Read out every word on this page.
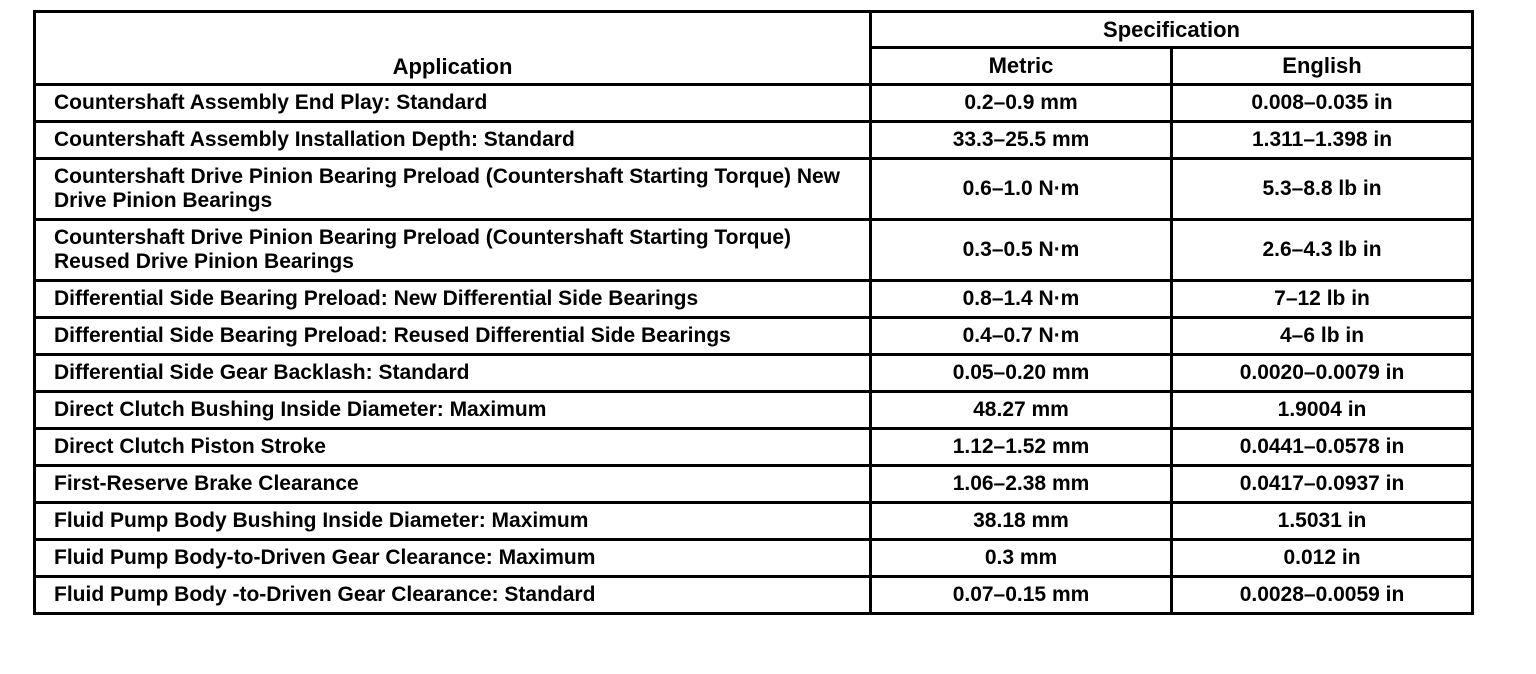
Application	Specification	
	Metric	English
Countershaft Assembly End Play: Standard	0.2–0.9 mm	0.008–0.035 in
Countershaft Assembly Installation Depth: Standard	33.3–25.5 mm	1.311–1.398 in
Countershaft Drive Pinion Bearing Preload (Countershaft Starting Torque) New Drive Pinion Bearings	0.6–1.0 N·m	5.3–8.8 lb in
Countershaft Drive Pinion Bearing Preload (Countershaft Starting Torque) Reused Drive Pinion Bearings	0.3–0.5 N·m	2.6–4.3 lb in
Differential Side Bearing Preload: New Differential Side Bearings	0.8–1.4 N·m	7–12 lb in
Differential Side Bearing Preload: Reused Differential Side Bearings	0.4–0.7 N·m	4–6 lb in
Differential Side Gear Backlash: Standard	0.05–0.20 mm	0.0020–0.0079 in
Direct Clutch Bushing Inside Diameter: Maximum	48.27 mm	1.9004 in
Direct Clutch Piston Stroke	1.12–1.52 mm	0.0441–0.0578 in
First-Reserve Brake Clearance	1.06–2.38 mm	0.0417–0.0937 in
Fluid Pump Body Bushing Inside Diameter: Maximum	38.18 mm	1.5031 in
Fluid Pump Body-to-Driven Gear Clearance: Maximum	0.3 mm	0.012 in
Fluid Pump Body -to-Driven Gear Clearance: Standard	0.07–0.15 mm	0.0028–0.0059 in
